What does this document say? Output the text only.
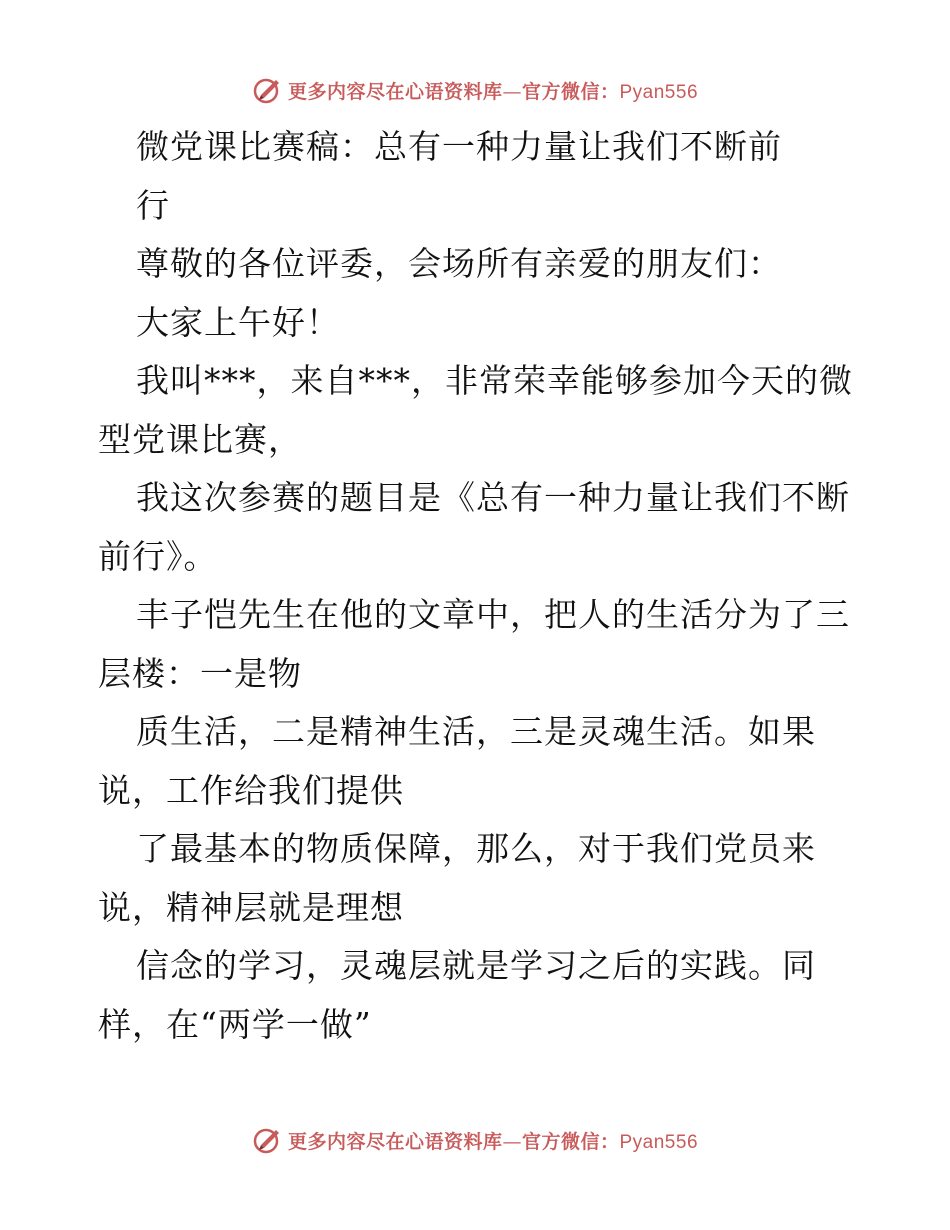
更多内容尽在心语资料库—官方微信：Pyan556
微党课比赛稿：总有一种力量让我们不断前
行
尊敬的各位评委，会场所有亲爱的朋友们：
大家上午好！
我叫***，来自***，非常荣幸能够参加今天的微
型党课比赛，
我这次参赛的题目是《总有一种力量让我们不断
前行》。
丰子恺先生在他的文章中，把人的生活分为了三
层楼：一是物
质生活，二是精神生活，三是灵魂生活。如果
说，工作给我们提供
了最基本的物质保障，那么，对于我们党员来
说，精神层就是理想
信念的学习，灵魂层就是学习之后的实践。同
样，在“两学一做”
更多内容尽在心语资料库—官方微信：Pyan556
